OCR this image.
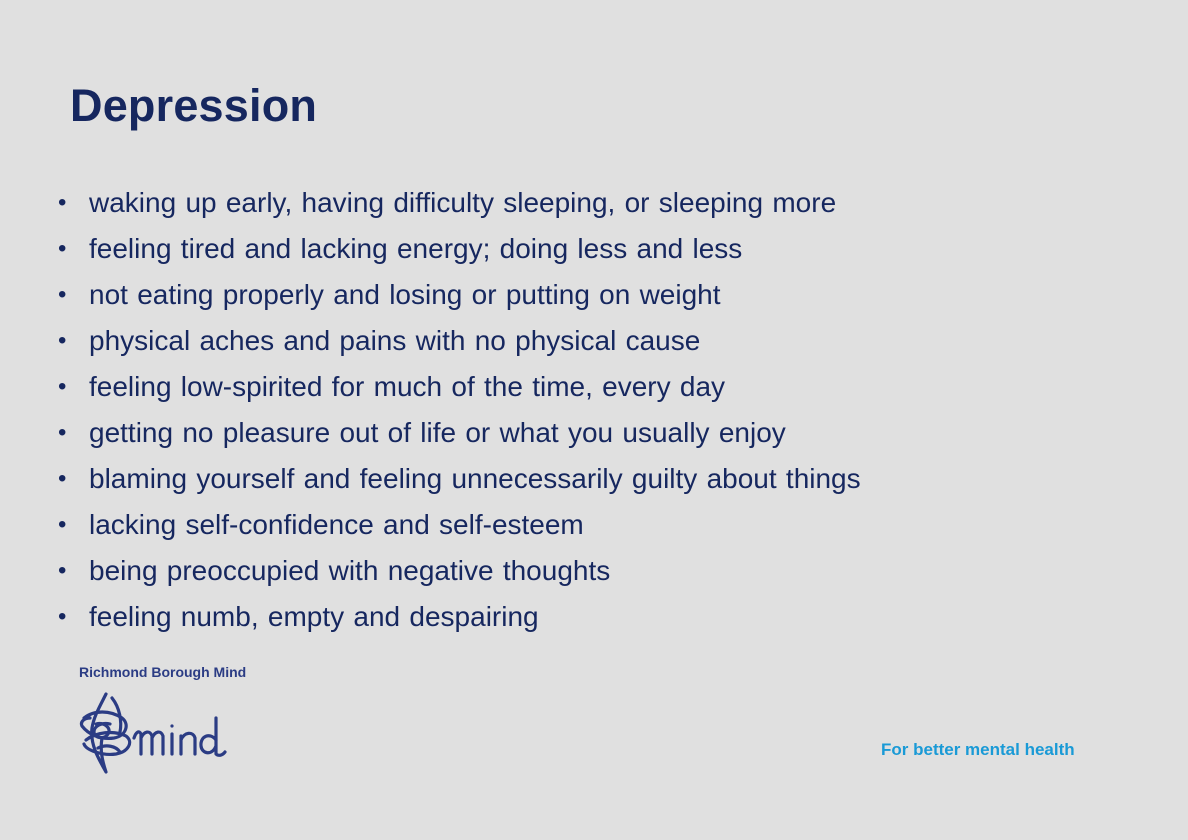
Depression
• waking up early, having difficulty sleeping, or sleeping more
• feeling tired and lacking energy; doing less and less
• not eating properly and losing or putting on weight
• physical aches and pains with no physical cause
• feeling low-spirited for much of the time, every day
• getting no pleasure out of life or what you usually enjoy
• blaming yourself and feeling unnecessarily guilty about things
• lacking self-confidence and self-esteem
• being preoccupied with negative thoughts
• feeling numb, empty and despairing
Richmond Borough Mind
For better mental health
